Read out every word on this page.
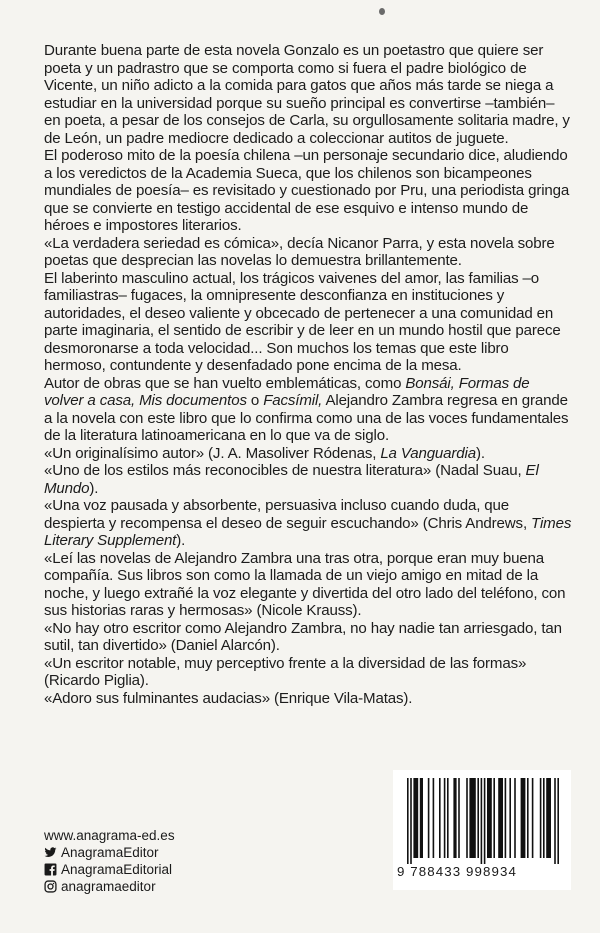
Durante buena parte de esta novela Gonzalo es un poetastro que quiere ser poeta y un padrastro que se comporta como si fuera el padre biológico de Vicente, un niño adicto a la comida para gatos que años más tarde se niega a estudiar en la universidad porque su sueño principal es convertirse –también– en poeta, a pesar de los consejos de Carla, su orgullosamente solitaria madre, y de León, un padre mediocre dedicado a coleccionar autitos de juguete.

El poderoso mito de la poesía chilena –un personaje secundario dice, aludiendo a los veredictos de la Academia Sueca, que los chilenos son bicampeones mundiales de poesía– es revisitado y cuestionado por Pru, una periodista gringa que se convierte en testigo accidental de ese esquivo e intenso mundo de héroes e impostores literarios.

«La verdadera seriedad es cómica», decía Nicanor Parra, y esta novela sobre poetas que desprecian las novelas lo demuestra brillantemente.

El laberinto masculino actual, los trágicos vaivenes del amor, las familias –o familiastras– fugaces, la omnipresente desconfianza en instituciones y autoridades, el deseo valiente y obcecado de pertenecer a una comunidad en parte imaginaria, el sentido de escribir y de leer en un mundo hostil que parece desmoronarse a toda velocidad... Son muchos los temas que este libro hermoso, contundente y desenfadado pone encima de la mesa.

Autor de obras que se han vuelto emblemáticas, como Bonsái, Formas de volver a casa, Mis documentos o Facsímil, Alejandro Zambra regresa en grande a la novela con este libro que lo confirma como una de las voces fundamentales de la literatura latinoamericana en lo que va de siglo.

«Un originalísimo autor» (J. A. Masoliver Ródenas, La Vanguardia).

«Uno de los estilos más reconocibles de nuestra literatura» (Nadal Suau, El Mundo).

«Una voz pausada y absorbente, persuasiva incluso cuando duda, que despierta y recompensa el deseo de seguir escuchando» (Chris Andrews, Times Literary Supplement).

«Leí las novelas de Alejandro Zambra una tras otra, porque eran muy buena compañía. Sus libros son como la llamada de un viejo amigo en mitad de la noche, y luego extrañé la voz elegante y divertida del otro lado del teléfono, con sus historias raras y hermosas» (Nicole Krauss).

«No hay otro escritor como Alejandro Zambra, no hay nadie tan arriesgado, tan sutil, tan divertido» (Daniel Alarcón).

«Un escritor notable, muy perceptivo frente a la diversidad de las formas» (Ricardo Piglia).

«Adoro sus fulminantes audacias» (Enrique Vila-Matas).

www.anagrama-ed.es
AnagramaEditor
AnagramaEditorial
anagramaeditor
9 788433 998934
